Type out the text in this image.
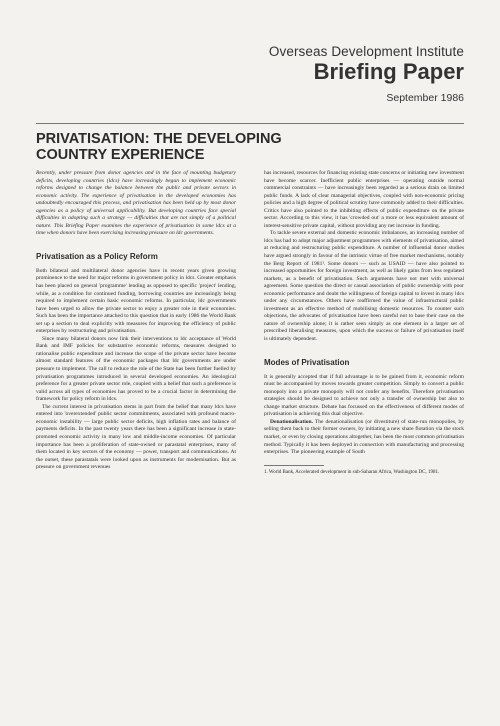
Overseas Development Institute
Briefing Paper
September 1986
PRIVATISATION: THE DEVELOPING COUNTRY EXPERIENCE

Recently, under pressure from donor agencies and in the face of mounting budgetary deficits, developing countries (ldcs) have increasingly begun to implement economic reforms designed to change the balance between the public and private sectors in economic activity. The experience of privatisation in the developed economies has undoubtedly encouraged this process, and privatisation has been held up by most donor agencies as a policy of universal applicability. But developing countries face special difficulties in adopting such a strategy — difficulties that are not simply of a political nature. This Briefing Paper examines the experience of privatisation in some ldcs at a time when donors have been exercising increasing pressure on ldc governments.

Privatisation as a Policy Reform

Both bilateral and multilateral donor agencies have in recent years given growing prominence to the need for major reforms in government policy in ldcs. Greater emphasis has been placed on general 'programme' lending as opposed to specific 'project' lending, while, as a condition for continued funding, borrowing countries are increasingly being required to implement certain basic economic reforms. In particular, ldc governments have been urged to allow the private sector to enjoy a greater role in their economies. Such has been the importance attached to this question that in early 1986 the World Bank set up a section to deal explicitly with measures for improving the efficiency of public enterprises by restructuring and privatisation.

Since many bilateral donors now link their interventions to ldc acceptance of World Bank and IMF policies for substantive economic reforms, measures designed to rationalise public expenditure and increase the scope of the private sector have become almost standard features of the economic packages that ldc governments are under pressure to implement. The call to reduce the role of the State has been further fuelled by privatisation programmes introduced in several developed economies. An ideological preference for a greater private sector role, coupled with a belief that such a preference is valid across all types of economies has proved to be a crucial factor in determining the framework for policy reform in ldcs.

The current interest in privatisation stems in part from the belief that many ldcs have entered into 'overextended' public sector commitments, associated with profound macro-economic instability — large public sector deficits, high inflation rates and balance of payments deficits. In the past twenty years there has been a significant increase in state-promoted economic activity in many low and middle-income economies. Of particular importance has been a proliferation of state-owned or parastatal enterprises, many of them located in key sectors of the economy — power, transport and communications. At the outset, these parastatals were looked upon as instruments for modernisation. But as pressure on government revenues

has increased, resources for financing existing state concerns or initiating new investment have become scarcer. Inefficient public enterprises — operating outside normal commercial constraints — have increasingly been regarded as a serious drain on limited public funds. A lack of clear managerial objectives, coupled with non-economic pricing policies and a high degree of political scrutiny have commonly added to their difficulties. Critics have also pointed to the inhibiting effects of public expenditure on the private sector. According to this view, it has 'crowded out' a more or less equivalent amount of interest-sensitive private capital, without providing any net increase in funding.

To tackle severe external and domestic economic imbalances, an increasing number of ldcs has had to adopt major adjustment programmes with elements of privatisation, aimed at reducing and restructuring public expenditure. A number of influential donor studies have argued strongly in favour of the intrinsic virtue of free market mechanisms, notably the Berg Report of 1981¹. Some donors — such as USAID — have also pointed to increased opportunities for foreign investment, as well as likely gains from less regulated markets, as a benefit of privatisation. Such arguments have not met with universal agreement. Some question the direct or causal association of public ownership with poor economic performance and doubt the willingness of foreign capital to invest in many ldcs under any circumstances. Others have reaffirmed the value of infrastructural public investment as an effective method of mobilising domestic resources. To counter such objections, the advocates of privatisation have been careful not to base their case on the nature of ownership alone; it is rather seen simply as one element in a larger set of prescribed liberalising measures, upon which the success or failure of privatisation itself is ultimately dependent.

Modes of Privatisation

It is generally accepted that if full advantage is to be gained from it, economic reform must be accompanied by moves towards greater competition. Simply to convert a public monopoly into a private monopoly will not confer any benefits. Therefore privatisation strategies should be designed to achieve not only a transfer of ownership but also to change market structure. Debate has focussed on the effectiveness of different modes of privatisation in achieving this dual objective.

Denationalisation. The denationalisation (or divestiture) of state-run monopolies, by selling them back to their former owners, by initiating a new share flotation via the stock market, or even by closing operations altogether, has been the most common privatisation method. Typically it has been deployed in connection with manufacturing and processing enterprises. The pioneering example of South

1. World Bank, Accelerated development in sub-Saharan Africa, Washington DC, 1981.
